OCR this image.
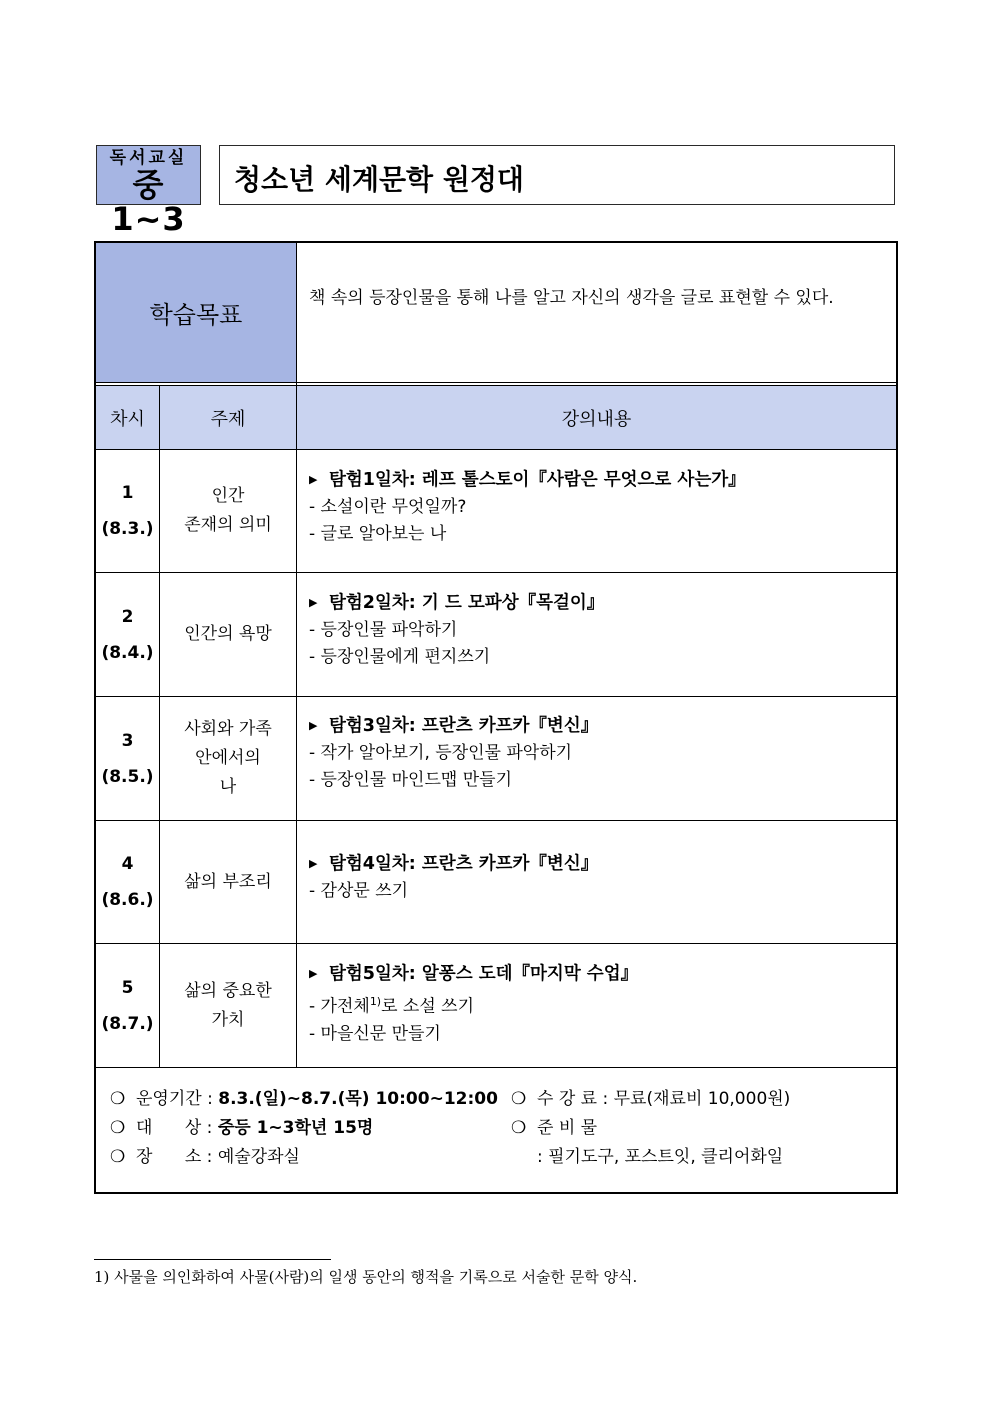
독서교실
중1~3
청소년 세계문학 원정대
학습목표
책 속의 등장인물을 통해 나를 알고 자신의 생각을 글로 표현할 수 있다.
차시	주제	강의내용
1
(8.3.)
인간
존재의 의미
▶ 탐험1일차: 레프 톨스토이『사람은 무엇으로 사는가』
- 소설이란 무엇일까?
- 글로 알아보는 나
2
(8.4.)
인간의 욕망
▶ 탐험2일차: 기 드 모파상『목걸이』
- 등장인물 파악하기
- 등장인물에게 편지쓰기
3
(8.5.)
사회와 가족
안에서의
나
▶ 탐험3일차: 프란츠 카프카『변신』
- 작가 알아보기, 등장인물 파악하기
- 등장인물 마인드맵 만들기
4
(8.6.)
삶의 부조리
▶ 탐험4일차: 프란츠 카프카『변신』
- 감상문 쓰기
5
(8.7.)
삶의 중요한
가치
▶ 탐험5일차: 알퐁스 도데『마지막 수업』
- 가전체$^{1)}$로 소설 쓰기
- 마을신문 만들기
❍ 운영기간 : 8.3.(일)~8.7.(목) 10:00~12:00
❍ 대      상 : 중등 1~3학년 15명
❍ 장      소 : 예술강좌실
❍ 수 강 료 : 무료(재료비 10,000원)
❍ 준 비 물
: 필기도구, 포스트잇, 클리어화일
1) 사물을 의인화하여 사물(사람)의 일생 동안의 행적을 기록으로 서술한 문학 양식.
